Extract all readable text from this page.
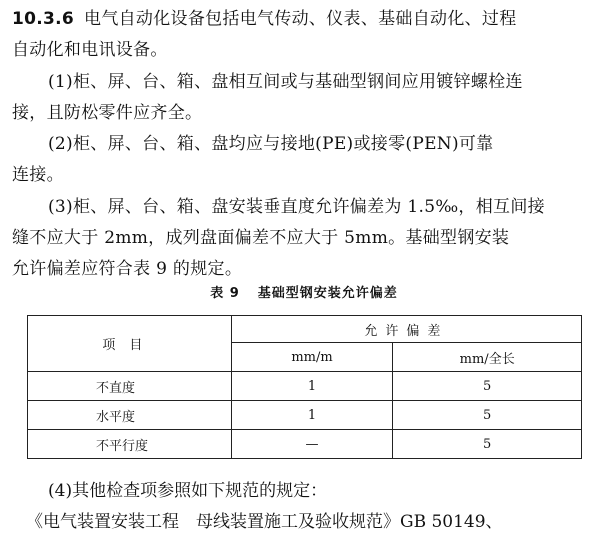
10.3.6 电气自动化设备包括电气传动、仪表、基础自动化、过程
自动化和电讯设备。
(1)柜、屏、台、箱、盘相互间或与基础型钢间应用镀锌螺栓连
接，且防松零件应齐全。
(2)柜、屏、台、箱、盘均应与接地(PE)或接零(PEN)可靠
连接。
(3)柜、屏、台、箱、盘安装垂直度允许偏差为 1.5‰，相互间接
缝不应大于 2mm，成列盘面偏差不应大于 5mm。基础型钢安装
允许偏差应符合表 9 的规定。
表 9 基础型钢安装允许偏差
项目	允许偏差	
	mm/m	mm/全长
不直度	1	5
水平度	1	5
不平行度	—	5
(4)其他检查项参照如下规范的规定：
《电气装置安装工程　母线装置施工及验收规范》GB 50149、
